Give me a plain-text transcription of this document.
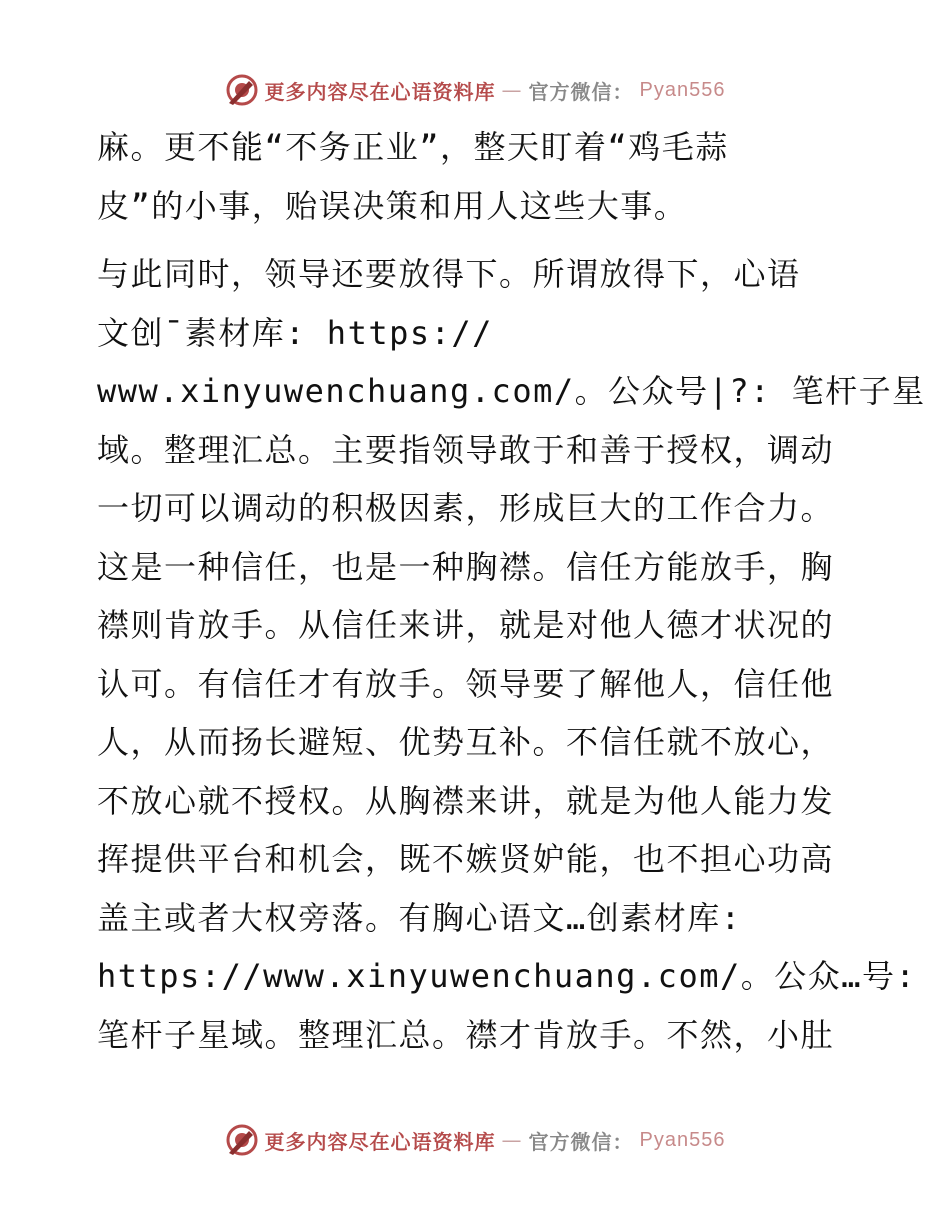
更多内容尽在心语资料库 — 官方微信： Pyan556
麻。更不能“不务正业”，整天盯着“鸡毛蒜
皮”的小事，贻误决策和用人这些大事。
与此同时，领导还要放得下。所谓放得下，心语
文创¯素材库: https://
www.xinyuwenchuang.com/。公众号|?: 笔杆子星
域。整理汇总。主要指领导敢于和善于授权，调动
一切可以调动的积极因素，形成巨大的工作合力。
这是一种信任，也是一种胸襟。信任方能放手，胸
襟则肯放手。从信任来讲，就是对他人德才状况的
认可。有信任才有放手。领导要了解他人，信任他
人，从而扬长避短、优势互补。不信任就不放心，
不放心就不授权。从胸襟来讲，就是为他人能力发
挥提供平台和机会，既不嫉贤妒能，也不担心功高
盖主或者大权旁落。有胸心语文…创素材库:
https://www.xinyuwenchuang.com/。公众…号:
笔杆子星域。整理汇总。襟才肯放手。不然，小肚
更多内容尽在心语资料库 — 官方微信： Pyan556
